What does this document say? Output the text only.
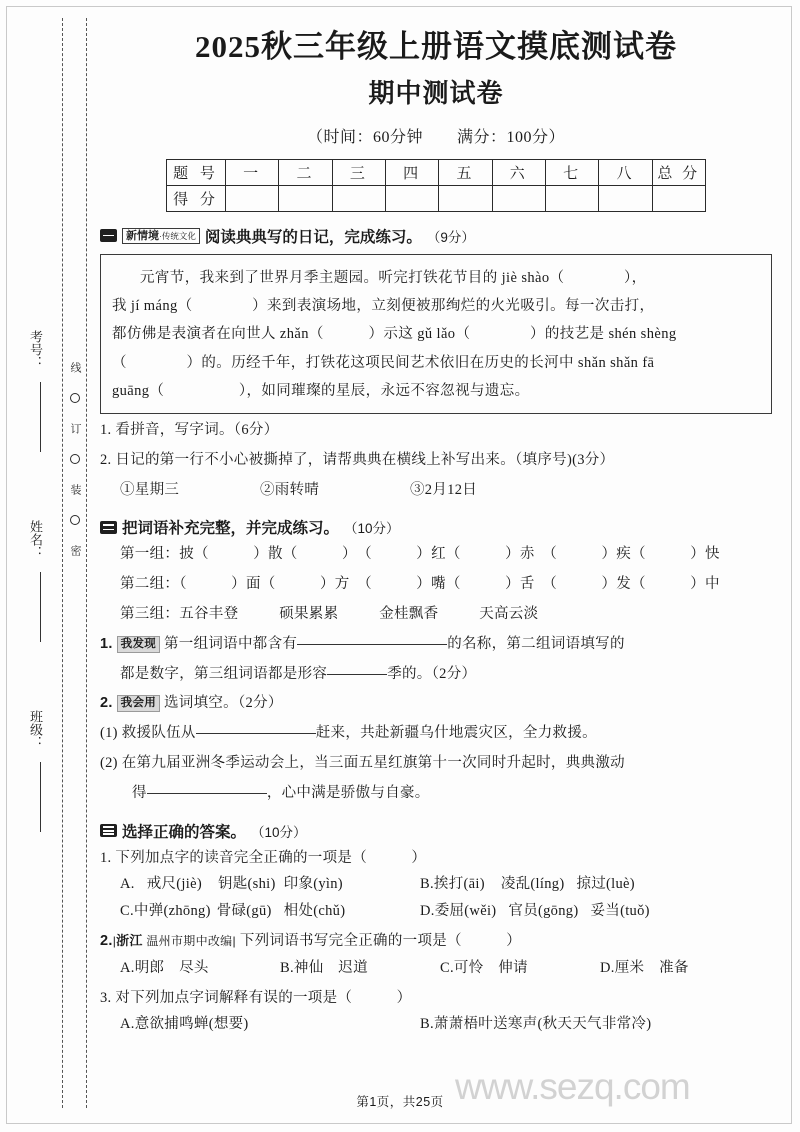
考号：
姓名：
班级：
线
订
装
密
2025秋三年级上册语文摸底测试卷
期中测试卷
（时间：60分钟 满分：100分）
题 号	一	二	三	四	五	六	七	八	总 分
得 分									
新情境·传统文化 阅读典典写的日记，完成练习。 （9分）

元宵节，我来到了世界月季主题园。听完打铁花节目的 jiè shào（　　　　），

我 jí máng（　　　　）来到表演场地，立刻便被那绚烂的火光吸引。每一次击打，

都仿佛是表演者在向世人 zhǎn（　　　）示这 gǔ lǎo（　　　　）的技艺是 shén shèng

（　　　　）的。历经千年，打铁花这项民间艺术依旧在历史的长河中 shǎn shǎn fā

guāng（　　　　　），如同璀璨的星辰，永远不容忽视与遗忘。

1. 看拼音，写字词。（6分）
2. 日记的第一行不小心被撕掉了，请帮典典在横线上补写出来。（填序号)(3分）
①星期三	②雨转晴	③2月12日
把词语补充完整，并完成练习。 （10分）
第一组：披（　　　）散（　　　）　（　　　）红（　　　）赤　（　　　）疾（　　　）快
第二组：（　　　）面（　　　）方　（　　　）嘴（　　　）舌　（　　　）发（　　　）中
第三组：五谷丰登	硕果累累	金桂飘香	天高云淡
1. 我发现 第一组词语中都含有	的名称，第二组词语填写的
都是数字，第三组词语都是形容	季的。（2分）
2. 我会用 选词填空。（2分）
(1) 救援队伍从	赶来，共赴新疆乌什地震灾区，全力救援。
(2) 在第九届亚洲冬季运动会上，当三面五星红旗第十一次同时升起时，典典激动
得	，心中满是骄傲与自豪。
选择正确的答案。 （10分）
1. 下列加点字的读音完全正确的一项是（　　　）
A. 戒尺(jiè) 钥匙(shi) 印象(yìn)	B.挨打(āi) 凌乱(líng) 掠过(luè)
C.中弹(zhōng) 骨碌(gū) 相处(chǔ)	D.委屈(wěi) 官员(gōng) 妥当(tuǒ)
2.|浙江 温州市期中改编| 下列词语书写完全正确的一项是（　　　）
A.明郎　尽头	B.神仙　迟道	C.可怜　伸请	D.厘米　准备
3. 对下列加点字词解释有误的一项是（　　　）
A.意欲捕鸣蝉(想要)	B.萧萧梧叶送寒声(秋天天气非常冷)
www.sezq.com
第1页，共25页
